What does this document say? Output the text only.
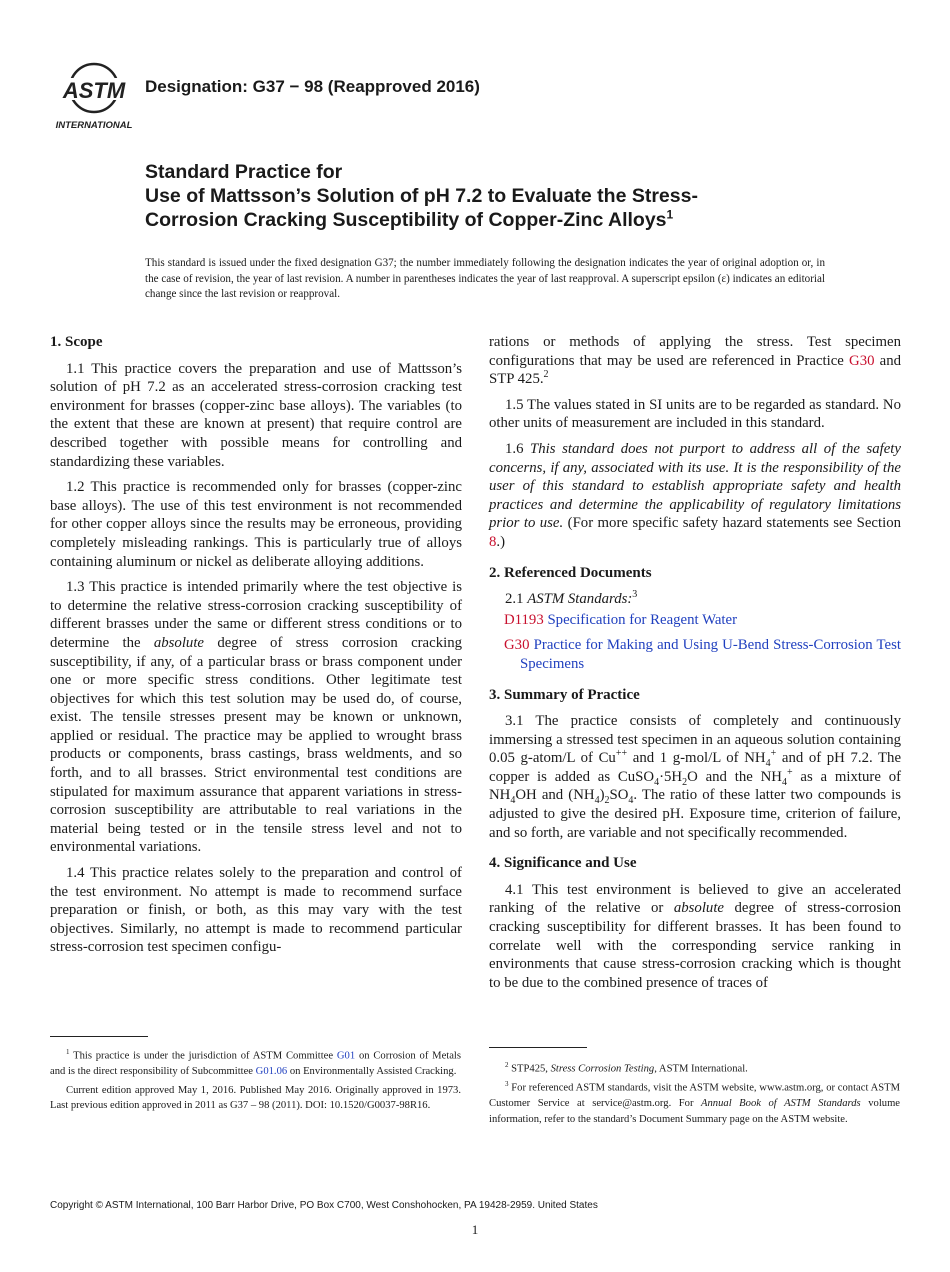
ASTM
INTERNATIONAL
Designation: G37 − 98 (Reapproved 2016)
Standard Practice for
Use of Mattsson’s Solution of pH 7.2 to Evaluate the Stress-
Corrosion Cracking Susceptibility of Copper-Zinc Alloys$^1$
This standard is issued under the fixed designation G37; the number immediately following the designation indicates the year of original adoption or, in the case of revision, the year of last revision. A number in parentheses indicates the year of last reapproval. A superscript epsilon (ε) indicates an editorial change since the last revision or reapproval.
1. Scope

1.1 This practice covers the preparation and use of Mattsson’s solution of pH 7.2 as an accelerated stress-corrosion cracking test environment for brasses (copper-zinc base alloys). The variables (to the extent that these are known at present) that require control are described together with possible means for controlling and standardizing these variables.

1.2 This practice is recommended only for brasses (copper-zinc base alloys). The use of this test environment is not recommended for other copper alloys since the results may be erroneous, providing completely misleading rankings. This is particularly true of alloys containing aluminum or nickel as deliberate alloying additions.

1.3 This practice is intended primarily where the test objective is to determine the relative stress-corrosion cracking susceptibility of different brasses under the same or different stress conditions or to determine the absolute degree of stress corrosion cracking susceptibility, if any, of a particular brass or brass component under one or more specific stress conditions. Other legitimate test objectives for which this test solution may be used do, of course, exist. The tensile stresses present may be known or unknown, applied or residual. The practice may be applied to wrought brass products or components, brass castings, brass weldments, and so forth, and to all brasses. Strict environmental test conditions are stipulated for maximum assurance that apparent variations in stress-corrosion susceptibility are attributable to real variations in the material being tested or in the tensile stress level and not to environmental variations.

1.4 This practice relates solely to the preparation and control of the test environment. No attempt is made to recommend surface preparation or finish, or both, as this may vary with the test objectives. Similarly, no attempt is made to recommend particular stress-corrosion test specimen configu-

rations or methods of applying the stress. Test specimen configurations that may be used are referenced in Practice G30 and STP 425.$^2$

1.5 The values stated in SI units are to be regarded as standard. No other units of measurement are included in this standard.

1.6 This standard does not purport to address all of the safety concerns, if any, associated with its use. It is the responsibility of the user of this standard to establish appropriate safety and health practices and determine the applicability of regulatory limitations prior to use. (For more specific safety hazard statements see Section 8.)

2. Referenced Documents

2.1 ASTM Standards:$^3$

D1193 Specification for Reagent Water

G30 Practice for Making and Using U-Bend Stress-Corrosion Test Specimens

3. Summary of Practice

3.1 The practice consists of completely and continuously immersing a stressed test specimen in an aqueous solution containing 0.05 g-atom/L of Cu++ and 1 g-mol/L of $NH_4^+$ and of pH 7.2. The copper is added as $CuSO_4\cdot 5H_2O$ and the $NH_4^+$ as a mixture of $NH_4OH$ and $(NH_4)_2SO_4$. The ratio of these latter two compounds is adjusted to give the desired pH. Exposure time, criterion of failure, and so forth, are variable and not specifically recommended.

4. Significance and Use

4.1 This test environment is believed to give an accelerated ranking of the relative or absolute degree of stress-corrosion cracking susceptibility for different brasses. It has been found to correlate well with the corresponding service ranking in environments that cause stress-corrosion cracking which is thought to be due to the combined presence of traces of

$^1$ This practice is under the jurisdiction of ASTM Committee G01 on Corrosion of Metals and is the direct responsibility of Subcommittee G01.06 on Environmentally Assisted Cracking.

Current edition approved May 1, 2016. Published May 2016. Originally approved in 1973. Last previous edition approved in 2011 as G37 – 98 (2011). DOI: 10.1520/G0037-98R16.

$^2$ STP425, Stress Corrosion Testing, ASTM International.

$^3$ For referenced ASTM standards, visit the ASTM website, www.astm.org, or contact ASTM Customer Service at service@astm.org. For Annual Book of ASTM Standards volume information, refer to the standard’s Document Summary page on the ASTM website.

Copyright © ASTM International, 100 Barr Harbor Drive, PO Box C700, West Conshohocken, PA 19428-2959. United States
1
